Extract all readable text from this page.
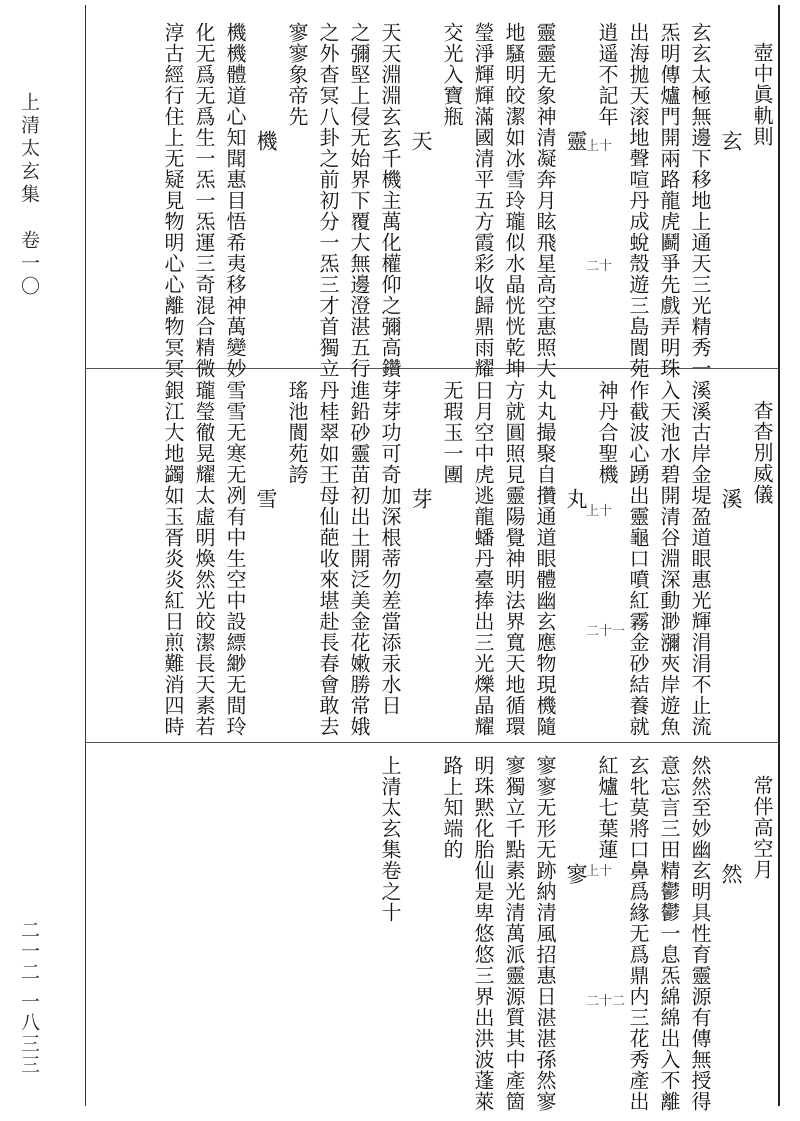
上清太玄集　卷一〇
二一二 一八三三
壺中眞軌則
玄
玄玄太極無邊下移地上通天三光精秀一
炁明傳爐門開兩路龍虎鬬爭先戲弄明珠
出海拋天滚地聲喧丹成蛻殼遊三島閬苑
逍遥不記年
靈
靈靈无象神清凝奔月眩飛星高空惠照大
地騷明皎潔如冰雪玲瓏似水晶恍恍乾坤
瑩淨輝輝滿國清平五方霞彩收歸鼎雨耀
交光入寶瓶
天
天天淵淵玄玄千機主萬化權仰之彌高鑽
之彌堅上侵无始界下覆大無邊澄湛五行
之外杳冥八卦之前初分一炁三才首獨立
寥寥象帝先
機
機機體道心知聞惠目悟希夷移神萬變妙
化无爲无爲生一炁一炁運三奇混合精微
淳古經行住上无疑見物明心心離物冥冥
杳杳別威儀
溪
溪溪古岸金堤盈道眼惠光輝涓涓不止流
入天池水碧開清谷淵深動渺瀰夾岸遊魚
作截波心踴出靈龜口噴紅霧金砂結養就
神丹合聖機
丸
丸丸撮聚自攢通道眼體幽玄應物現機隨
方就圓照見靈陽覺神明法界寬天地循環
日月空中虎逃龍蟠丹臺捧出三光爍晶耀
无瑕玉一團
芽
芽芽功可奇加深根蒂勿差當添汞水日
進鉛砂靈苗初出土開泛美金花嫩勝常娥
丹桂翠如王母仙葩收來堪赴長春會敢去
瑤池閬苑誇
雪
雪雪无寒无冽有中生空中設縹緲无間玲
瓏瑩徹晃耀太虛明煥然光皎潔長天素若
銀江大地蠲如玉胥炎炎紅日煎難消四時
常伴高空月
然
然然至妙幽玄明具性育靈源有傳無授得
意忘言三田精鬱鬱一息炁綿綿出入不離
玄牝莫將口鼻爲緣无爲鼎内三花秀產出
紅爐七葉蓮
寥
寥寥无形无跡納清風招惠日湛湛孫然寥
寥獨立千點素光清萬派靈源質其中產箇
明珠黙化胎仙是卑悠悠三界出洪波蓬萊
路上知端的
上清太玄集卷之十
上十
二十
上十
二十一
上十
二十二
